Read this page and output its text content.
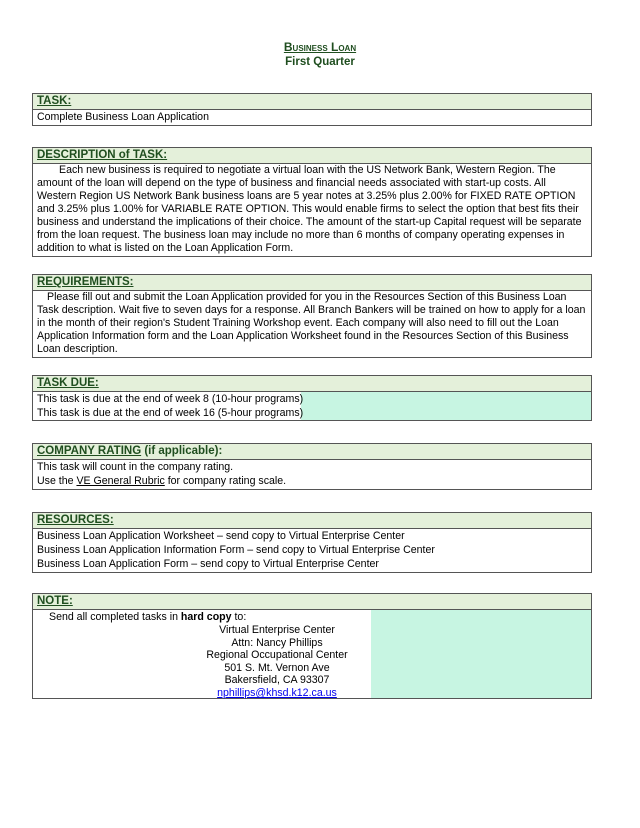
Business Loan
First Quarter
TASK:
Complete Business Loan Application
DESCRIPTION of TASK:

Each new business is required to negotiate a virtual loan with the US Network Bank, Western Region. The amount of the loan will depend on the type of business and financial needs associated with start-up costs. All Western Region US Network Bank business loans are 5 year notes at 3.25% plus 2.00% for FIXED RATE OPTION and 3.25% plus 1.00% for VARIABLE RATE OPTION. This would enable firms to select the option that best fits their business and understand the implications of their choice. The amount of the start-up Capital request will be separate from the loan request. The business loan may include no more than 6 months of company operating expenses in addition to what is listed on the Loan Application Form.

REQUIREMENTS:

Please fill out and submit the Loan Application provided for you in the Resources Section of this Business Loan Task description. Wait five to seven days for a response. All Branch Bankers will be trained on how to apply for a loan in the month of their region's Student Training Workshop event. Each company will also need to fill out the Loan Application Information form and the Loan Application Worksheet found in the Resources Section of this Business Loan description.

TASK DUE:
This task is due at the end of week 8 (10-hour programs)
This task is due at the end of week 16 (5-hour programs)
COMPANY RATING (if applicable):
This task will count in the company rating.
Use the VE General Rubric for company rating scale.
RESOURCES:
Business Loan Application Worksheet – send copy to Virtual Enterprise Center
Business Loan Application Information Form – send copy to Virtual Enterprise Center
Business Loan Application Form – send copy to Virtual Enterprise Center
NOTE:
Send all completed tasks in hard copy to:
Virtual Enterprise Center
Attn: Nancy Phillips
Regional Occupational Center
501 S. Mt. Vernon Ave
Bakersfield, CA 93307
nphillips@khsd.k12.ca.us
